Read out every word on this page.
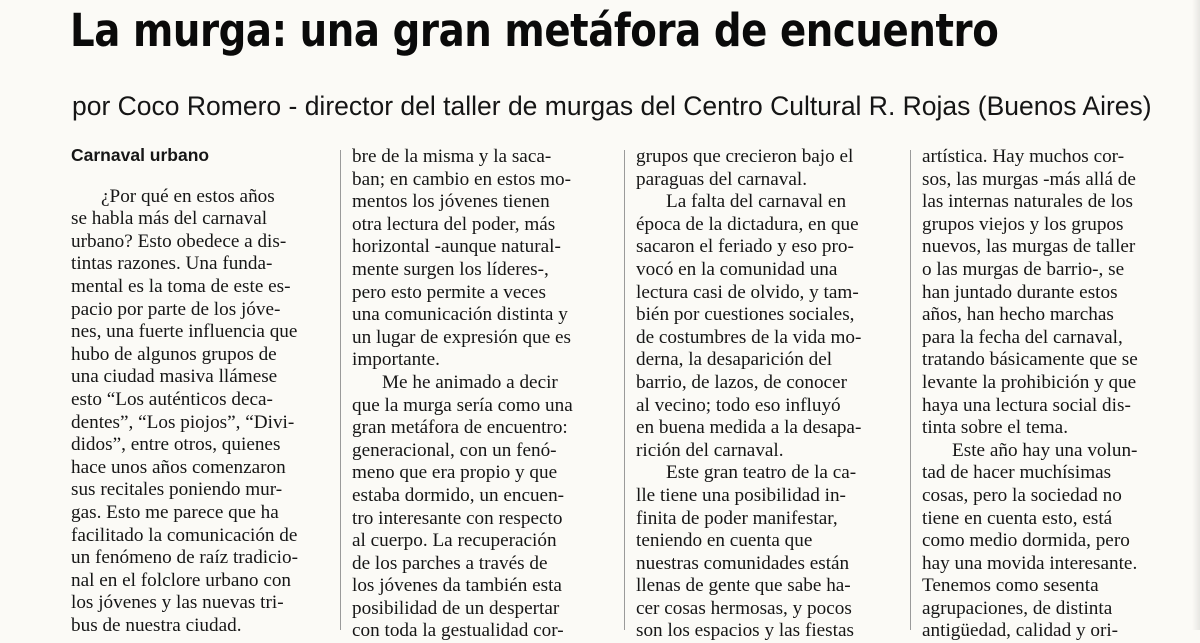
La murga: una gran metáfora de encuentro

por Coco Romero - director del taller de murgas del Centro Cultural R. Rojas (Buenos Aires)

Carnaval urbano

¿Por qué en estos años

se habla más del carnaval

urbano? Esto obedece a dis-

tintas razones. Una funda-

mental es la toma de este es-

pacio por parte de los jóve-

nes, una fuerte influencia que

hubo de algunos grupos de

una ciudad masiva llámese

esto “Los auténticos deca-

dentes”, “Los piojos”, “Divi-

didos”, entre otros, quienes

hace unos años comenzaron

sus recitales poniendo mur-

gas. Esto me parece que ha

facilitado la comunicación de

un fenómeno de raíz tradicio-

nal en el folclore urbano con

los jóvenes y las nuevas tri-

bus de nuestra ciudad.

bre de la misma y la saca-

ban; en cambio en estos mo-

mentos los jóvenes tienen

otra lectura del poder, más

horizontal -aunque natural-

mente surgen los líderes-,

pero esto permite a veces

una comunicación distinta y

un lugar de expresión que es

importante.

Me he animado a decir

que la murga sería como una

gran metáfora de encuentro:

generacional, con un fenó-

meno que era propio y que

estaba dormido, un encuen-

tro interesante con respecto

al cuerpo. La recuperación

de los parches a través de

los jóvenes da también esta

posibilidad de un despertar

con toda la gestualidad cor-

grupos que crecieron bajo el

paraguas del carnaval.

La falta del carnaval en

época de la dictadura, en que

sacaron el feriado y eso pro-

vocó en la comunidad una

lectura casi de olvido, y tam-

bién por cuestiones sociales,

de costumbres de la vida mo-

derna, la desaparición del

barrio, de lazos, de conocer

al vecino; todo eso influyó

en buena medida a la desapa-

rición del carnaval.

Este gran teatro de la ca-

lle tiene una posibilidad in-

finita de poder manifestar,

teniendo en cuenta que

nuestras comunidades están

llenas de gente que sabe ha-

cer cosas hermosas, y pocos

son los espacios y las fiestas

artística. Hay muchos cor-

sos, las murgas -más allá de

las internas naturales de los

grupos viejos y los grupos

nuevos, las murgas de taller

o las murgas de barrio-, se

han juntado durante estos

años, han hecho marchas

para la fecha del carnaval,

tratando básicamente que se

levante la prohibición y que

haya una lectura social dis-

tinta sobre el tema.

Este año hay una volun-

tad de hacer muchísimas

cosas, pero la sociedad no

tiene en cuenta esto, está

como medio dormida, pero

hay una movida interesante.

Tenemos como sesenta

agrupaciones, de distinta

antigüedad, calidad y ori-
